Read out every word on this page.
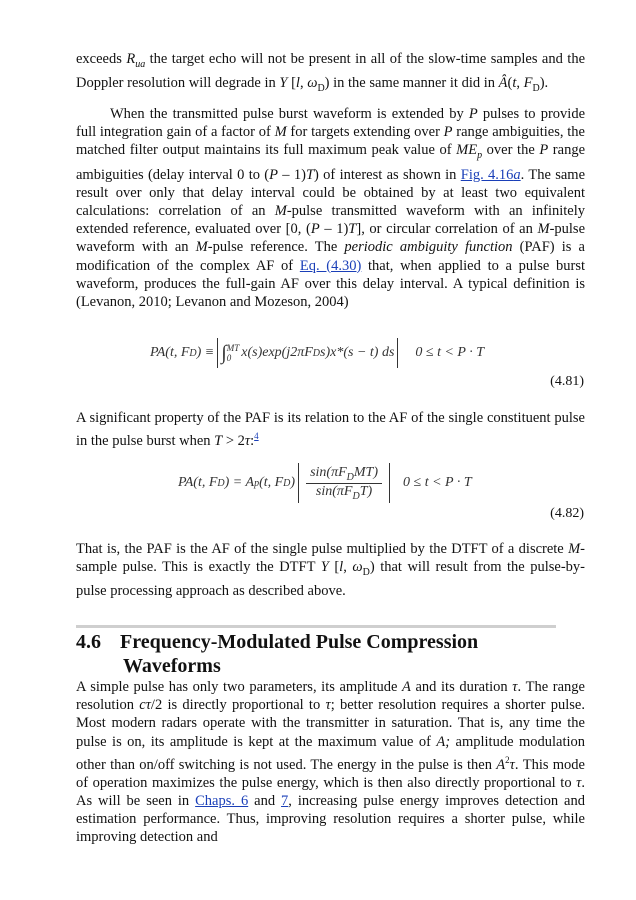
exceeds $R_{ua}$ the target echo will not be present in all of the slow-time samples and the Doppler resolution will degrade in Y [l, $\omega_D$) in the same manner it did in Â(t, $F_D$).

When the transmitted pulse burst waveform is extended by P pulses to provide full integration gain of a factor of M for targets extending over P range ambiguities, the matched filter output maintains its full maximum peak value of $ME_p$ over the P range ambiguities (delay interval 0 to (P – 1)T) of interest as shown in Fig. 4.16a. The same result over only that delay interval could be obtained by at least two equivalent calculations: correlation of an M-pulse transmitted waveform with an infinitely extended reference, evaluated over [0, (P – 1)T], or circular correlation of an M-pulse waveform with an M-pulse reference. The periodic ambiguity function (PAF) is a modification of the complex AF of Eq. (4.30) that, when applied to a pulse burst waveform, produces the full-gain AF over this delay interval. A typical definition is (Levanon, 2010; Levanon and Mozeson, 2004)

PA(t, F D ) ≡ ∫ MT
0 x(s)exp(j2πF D s)x*(s − t) ds 0 ≤ t < P · T
(4.81)

A significant property of the PAF is its relation to the AF of the single constituent pulse in the pulse burst when T > 2τ:$^4$

PA(t, F D ) = A p (t, F D ) $\frac{\sin(\pi F_DMT)}{\sin(\pi F_DT)} 0 \le t < P \cdot T$
(4.82)

That is, the PAF is the AF of the single pulse multiplied by the DTFT of a discrete M-sample pulse. This is exactly the DTFT Y [l, $\omega_D$) that will result from the pulse-by-pulse processing approach as described above.

4.6 Frequency-Modulated Pulse Compression
Waveforms

A simple pulse has only two parameters, its amplitude A and its duration τ. The range resolution cτ/2 is directly proportional to τ; better resolution requires a shorter pulse. Most modern radars operate with the transmitter in saturation. That is, any time the pulse is on, its amplitude is kept at the maximum value of A; amplitude modulation other than on/off switching is not used. The energy in the pulse is then $A^2\tau$. This mode of operation maximizes the pulse energy, which is then also directly proportional to τ. As will be seen in Chaps. 6 and 7, increasing pulse energy improves detection and estimation performance. Thus, improving resolution requires a shorter pulse, while improving detection and
